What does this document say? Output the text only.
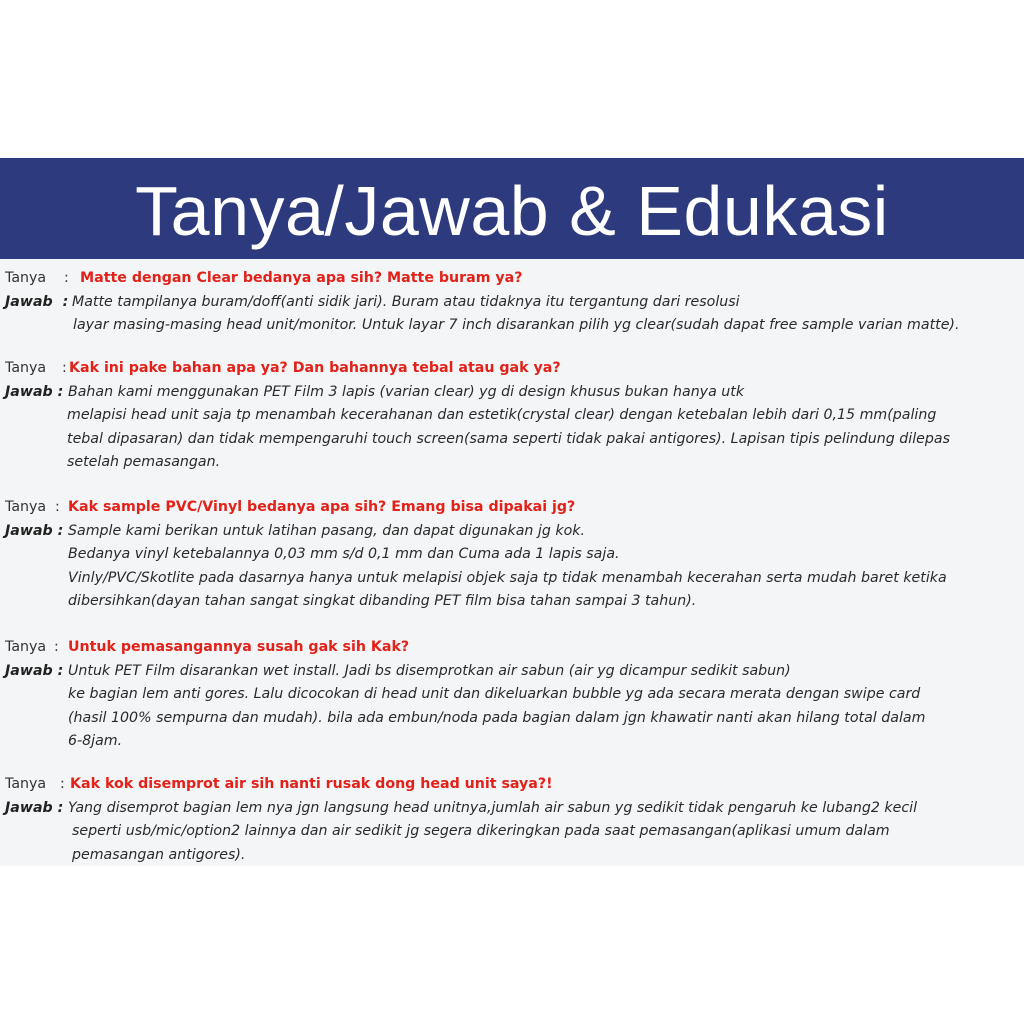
Tanya/Jawab & Edukasi
Tanya : Matte dengan Clear bedanya apa sih? Matte buram ya?
Jawab  : Matte tampilanya buram/doff(anti sidik jari). Buram atau tidaknya itu tergantung dari resolusi
layar masing-masing head unit/monitor. Untuk layar 7 inch disarankan pilih yg clear(sudah dapat free sample varian matte).
Tanya : Kak ini pake bahan apa ya? Dan bahannya tebal atau gak ya?
Jawab : Bahan kami menggunakan PET Film 3 lapis (varian clear) yg di design khusus bukan hanya utk
melapisi head unit saja tp menambah kecerahanan dan estetik(crystal clear) dengan ketebalan lebih dari 0,15 mm(paling
tebal dipasaran) dan tidak mempengaruhi touch screen(sama seperti tidak pakai antigores). Lapisan tipis pelindung dilepas
setelah pemasangan.
Tanya : Kak sample PVC/Vinyl bedanya apa sih? Emang bisa dipakai jg?
Jawab : Sample kami berikan untuk latihan pasang, dan dapat digunakan jg kok.
Bedanya vinyl ketebalannya 0,03 mm s/d 0,1 mm dan Cuma ada 1 lapis saja.
Vinly/PVC/Skotlite pada dasarnya hanya untuk melapisi objek saja tp tidak menambah kecerahan serta mudah baret ketika
dibersihkan(dayan tahan sangat singkat dibanding PET film bisa tahan sampai 3 tahun).
Tanya : Untuk pemasangannya susah gak sih Kak?
Jawab : Untuk PET Film disarankan wet install. Jadi bs disemprotkan air sabun (air yg dicampur sedikit sabun)
ke bagian lem anti gores. Lalu dicocokan di head unit dan dikeluarkan bubble yg ada secara merata dengan swipe card
(hasil 100% sempurna dan mudah). bila ada embun/noda pada bagian dalam jgn khawatir nanti akan hilang total dalam
6-8jam.
Tanya : Kak kok disemprot air sih nanti rusak dong head unit saya?!
Jawab : Yang disemprot bagian lem nya jgn langsung head unitnya,jumlah air sabun yg sedikit tidak pengaruh ke lubang2 kecil
seperti usb/mic/option2 lainnya dan air sedikit jg segera dikeringkan pada saat pemasangan(aplikasi umum dalam
pemasangan antigores).
